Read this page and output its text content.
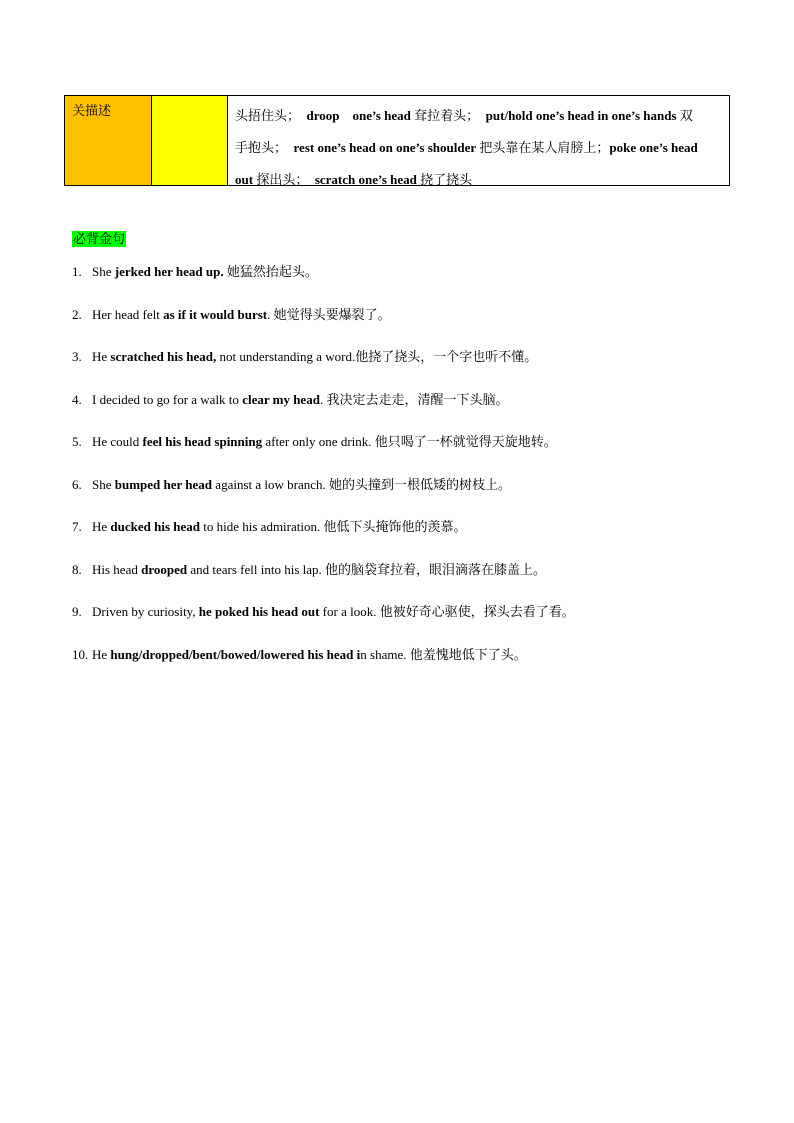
关描述		头捂住头；　droop　one’s head 耷拉着头；　put/hold one’s head in one’s hands 双
手抱头；　rest one’s head on one’s shoulder 把头靠在某人肩膀上；poke one’s head
out 探出头；　scratch one’s head 挠了挠头
必背金句
1. She jerked her head up. 她猛然抬起头。
2. Her head felt as if it would burst. 她觉得头要爆裂了。
3. He scratched his head, not understanding a word.他挠了挠头，一个字也听不懂。
4. I decided to go for a walk to clear my head. 我决定去走走，清醒一下头脑。
5. He could feel his head spinning after only one drink. 他只喝了一杯就觉得天旋地转。
6. She bumped her head against a low branch. 她的头撞到一根低矮的树枝上。
7. He ducked his head to hide his admiration. 他低下头掩饰他的羡慕。
8. His head drooped and tears fell into his lap. 他的脑袋耷拉着，眼泪滴落在膝盖上。
9. Driven by curiosity, he poked his head out for a look. 他被好奇心驱使，探头去看了看。
10. He hung/dropped/bent/bowed/lowered his head in shame. 他羞愧地低下了头。
